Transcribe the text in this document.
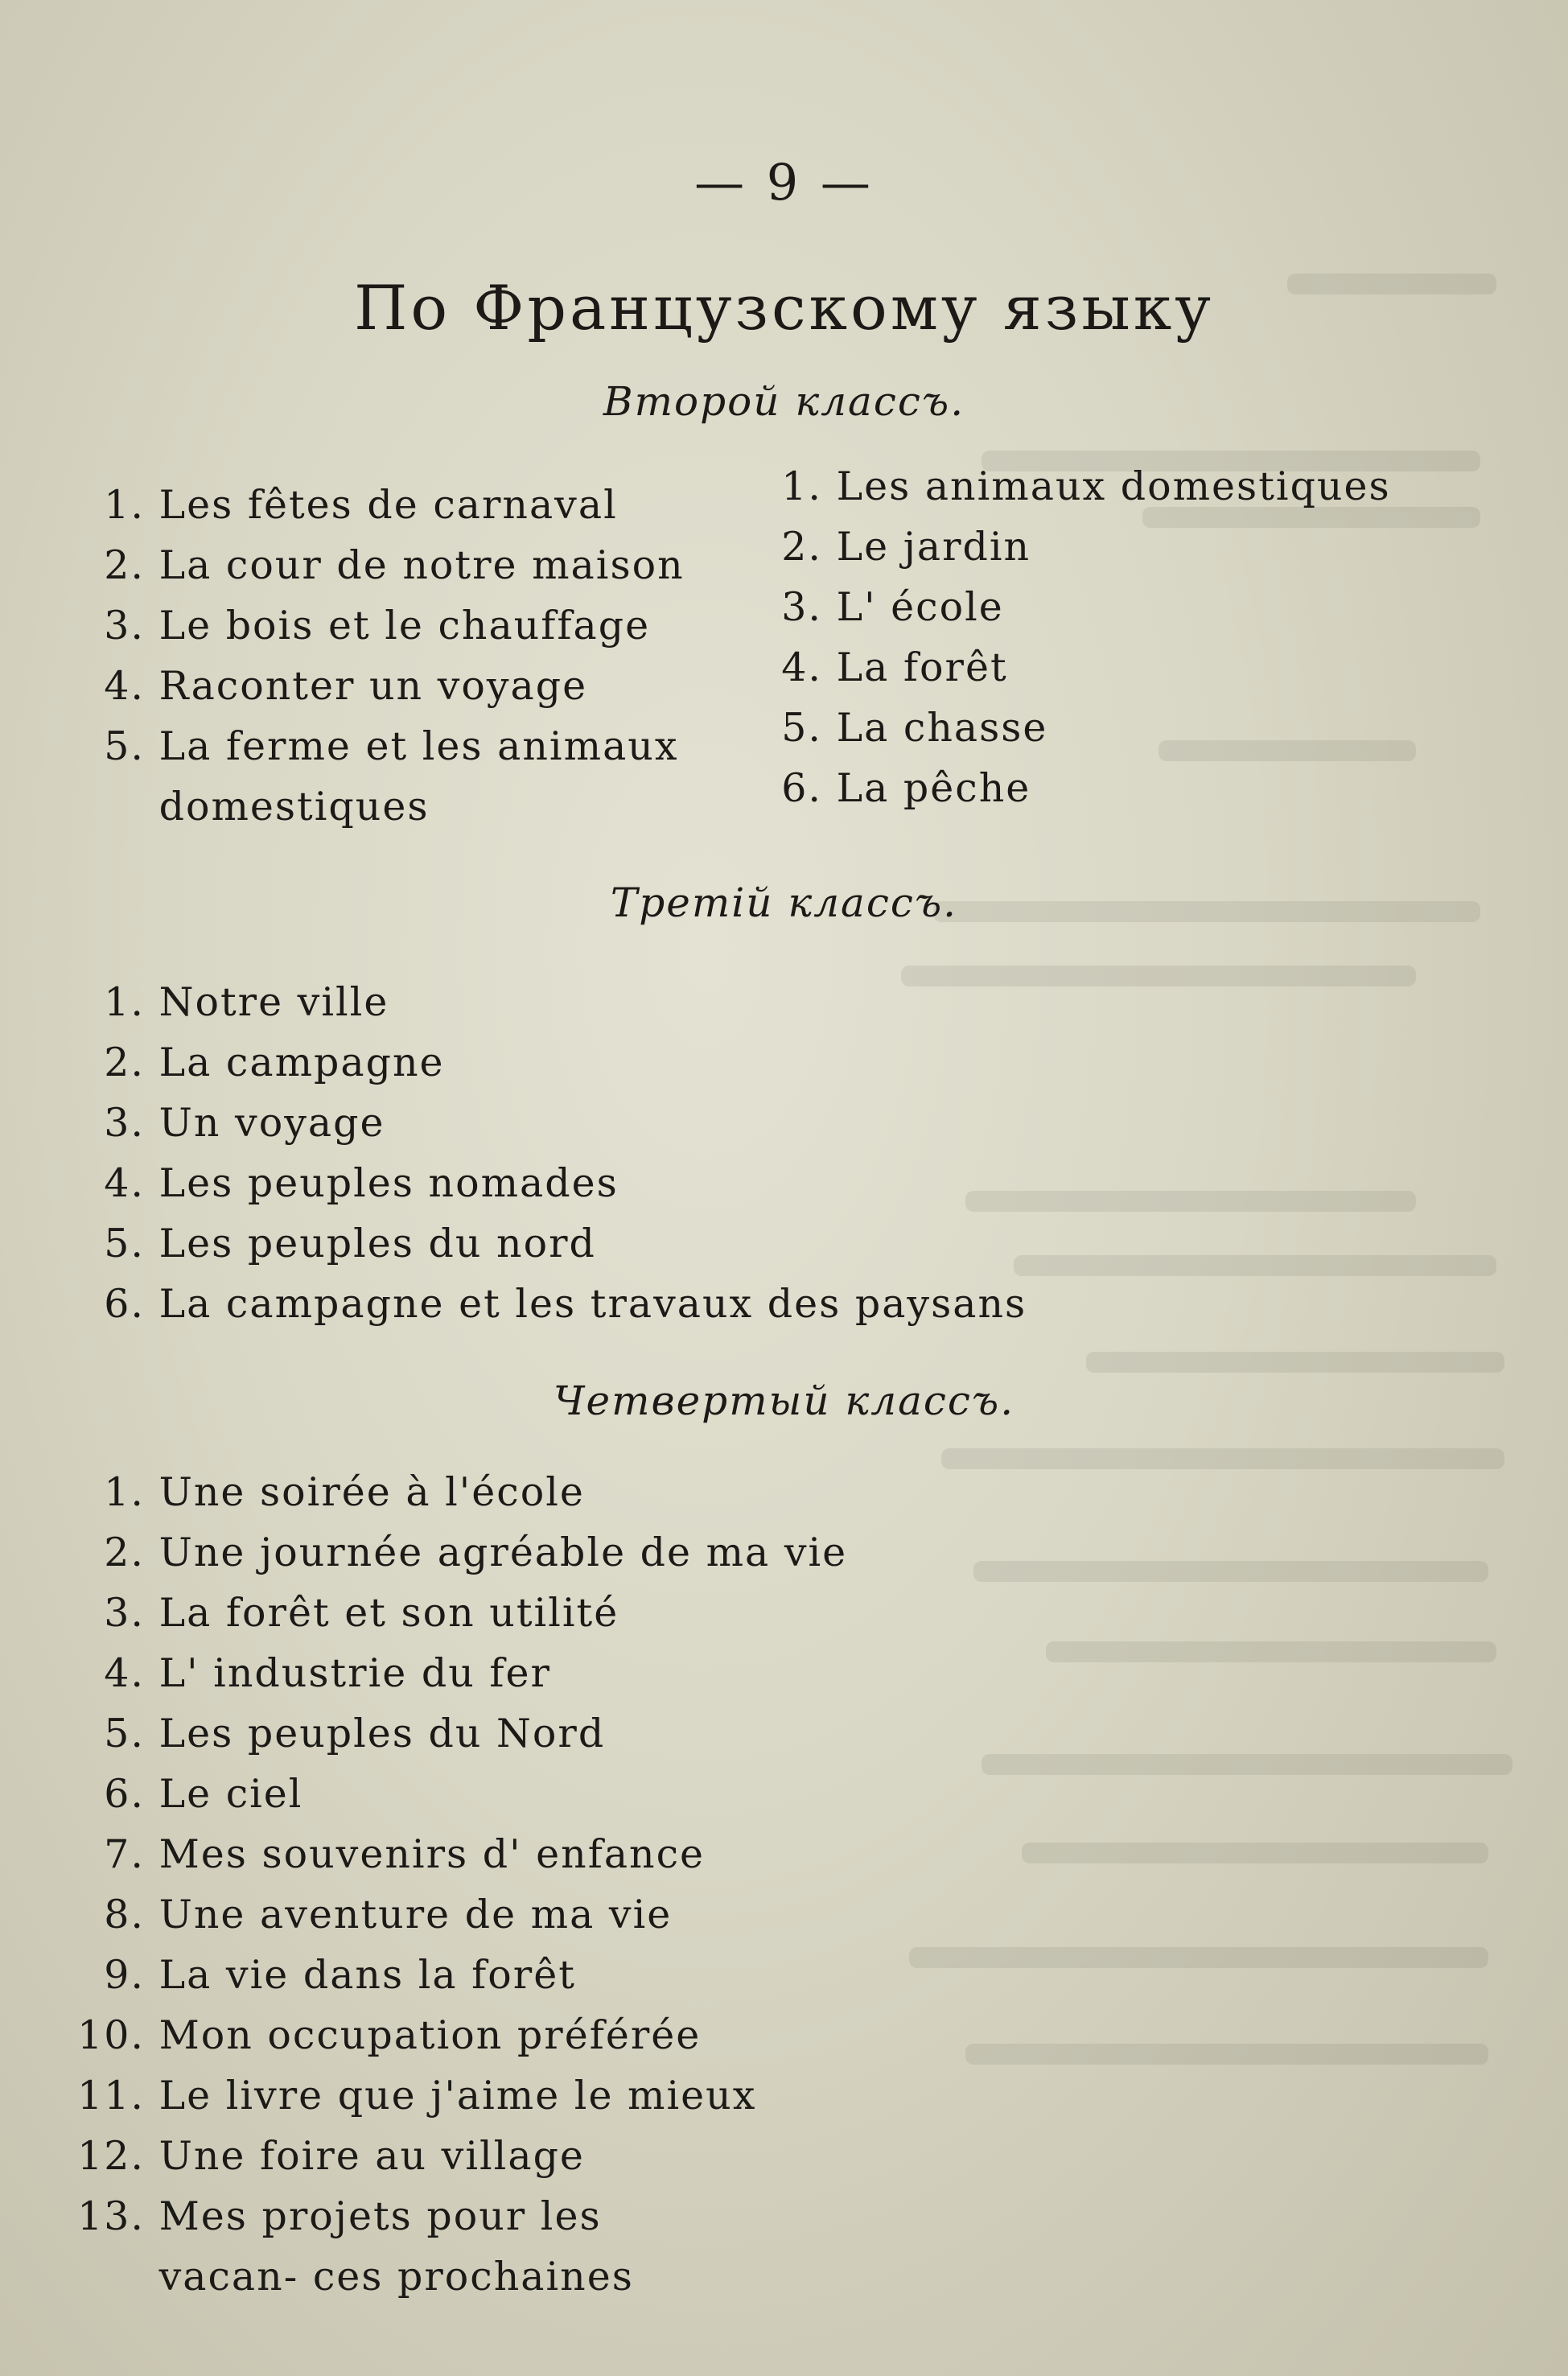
— 9 —
По Французскому языку
Второй классъ.
1. Les fêtes de carnaval
2. La cour de notre maison
3. Le bois et le chauffage
4. Raconter un voyage
5. La ferme et les animaux domestiques
1. Les animaux domestiques
2. Le jardin
3. L' école
4. La forêt
5. La chasse
6. La pêche
Третій классъ.
1. Notre ville
2. La campagne
3. Un voyage
4. Les peuples nomades
5. Les peuples du nord
6. La campagne et les travaux des paysans
Четвертый классъ.
1. Une soirée à l'école
2. Une journée agréable de ma vie
3. La forêt et son utilité
4. L' industrie du fer
5. Les peuples du Nord
6. Le ciel
7. Mes souvenirs d' enfance
8. Une aventure de ma vie
9. La vie dans la forêt
10. Mon occupation préférée
11. Le livre que j'aime le mieux
12. Une foire au village
13. Mes projets pour les vacan- ces prochaines
